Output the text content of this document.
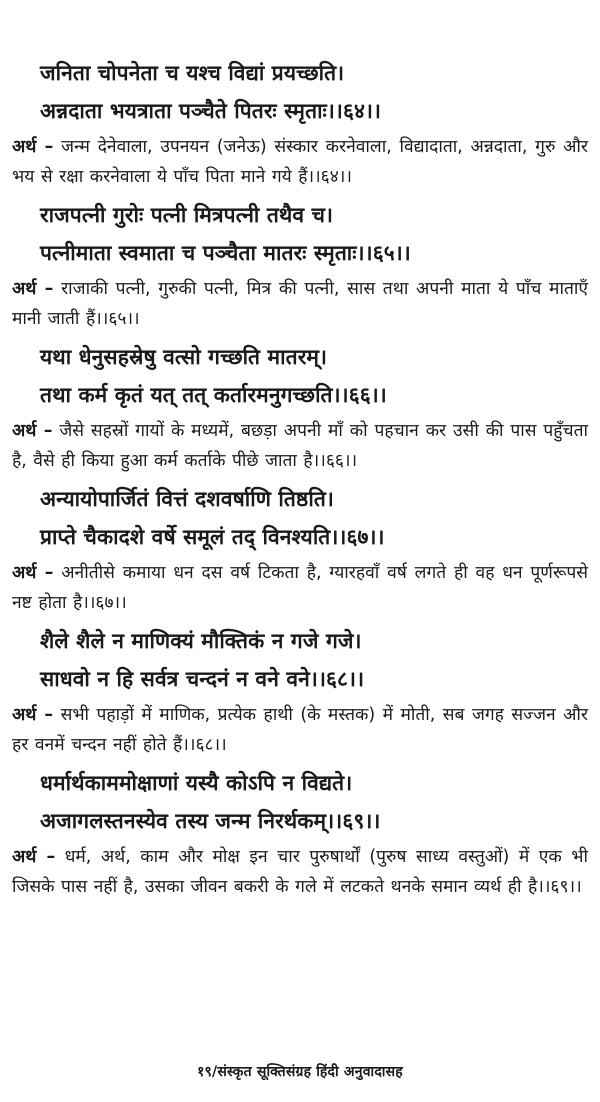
जनिता चोपनेता च यश्च विद्यां प्रयच्छति।
अन्नदाता भयत्राता पञ्चैते पितरः स्मृताः।।६४।।
अर्थ – जन्म देनेवाला, उपनयन (जनेऊ) संस्कार करनेवाला, विद्यादाता, अन्नदाता, गुरु और भय से रक्षा करनेवाला ये पाँच पिता माने गये हैं।।६४।।
राजपत्नी गुरोः पत्नी मित्रपत्नी तथैव च।
पत्नीमाता स्वमाता च पञ्चैता मातरः स्मृताः।।६५।।
अर्थ – राजाकी पत्नी, गुरुकी पत्नी, मित्र की पत्नी, सास तथा अपनी माता ये पाँच माताएँ मानी जाती हैं।।६५।।
यथा धेनुसहस्रेषु वत्सो गच्छति मातरम्।
तथा कर्म कृतं यत् तत् कर्तारमनुगच्छति।।६६।।
अर्थ – जैसे सहस्रों गायों के मध्यमें, बछड़ा अपनी माँ को पहचान कर उसी की पास पहुँचता है, वैसे ही किया हुआ कर्म कर्ताके पीछे जाता है।।६६।।
अन्यायोपार्जितं वित्तं दशवर्षाणि तिष्ठति।
प्राप्ते चैकादशे वर्षे समूलं तद् विनश्यति।।६७।।
अर्थ – अनीतीसे कमाया धन दस वर्ष टिकता है, ग्यारहवाँ वर्ष लगते ही वह धन पूर्णरूपसे नष्ट होता है।।६७।।
शैले शैले न माणिक्यं मौक्तिकं न गजे गजे।
साधवो न हि सर्वत्र चन्दनं न वने वने।।६८।।
अर्थ – सभी पहाड़ों में माणिक, प्रत्येक हाथी (के मस्तक) में मोती, सब जगह सज्जन और हर वनमें चन्दन नहीं होते हैं।।६८।।
धर्मार्थकाममोक्षाणां यस्यै कोऽपि न विद्यते।
अजागलस्तनस्येव तस्य जन्म निरर्थकम्।।६९।।
अर्थ – धर्म, अर्थ, काम और मोक्ष इन चार पुरुषार्थों (पुरुष साध्य वस्तुओं) में एक भी जिसके पास नहीं है, उसका जीवन बकरी के गले में लटकते थनके समान व्यर्थ ही है।।६९।।
१९/संस्कृत सूक्तिसंग्रह हिंदी अनुवादासह
